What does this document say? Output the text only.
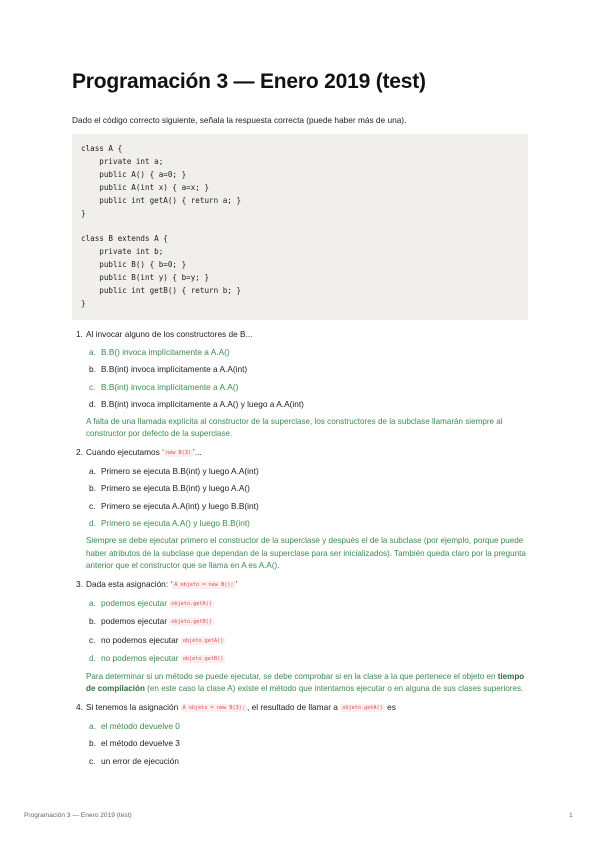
Programación 3 — Enero 2019 (test)
Dado el código correcto siguiente, señala la respuesta correcta (puede haber más de una).
class A {
private int a;
public A() { a=0; }
public A(int x) { a=x; }
public int getA() { return a; }
}

class B extends A {
private int b;
public B() { b=0; }
public B(int y) { b=y; }
public int getB() { return b; }
}
1. Al invocar alguno de los constructores de B...
a. B.B() invoca implícitamente a A.A()
b. B.B(int) invoca implícitamente a A.A(int)
c. B.B(int) invoca implícitamente a A.A()
d. B.B(int) invoca implícitamente a A.A() y luego a A.A(int)
A falta de una llamada explícita al constructor de la superclase, los constructores de la subclase llamarán siempre al constructor por defecto de la superclase.
2. Cuando ejecutamos ‘ new B(3) ’...
a. Primero se ejecuta B.B(int) y luego A.A(int)
b. Primero se ejecuta B.B(int) y luego A.A()
c. Primero se ejecuta A.A(int) y luego B.B(int)
d. Primero se ejecuta A.A() y luego B.B(int)
Siempre se debe ejecutar primero el constructor de la superclase y después el de la subclase (por ejemplo, porque puede haber atributos de la subclase que dependan de la superclase para ser inicializados). También queda claro por la pregunta anterior que el constructor que se llama en A es A.A().
3. Dada esta asignación: ‘ A objeto = new B(); ’
a. podemos ejecutar objeto.getA()
b. podemos ejecutar objeto.getB()
c. no podemos ejecutar objeto.getA()
d. no podemos ejecutar objeto.getB()
Para determinar si un método se puede ejecutar, se debe comprobar si en la clase a la que pertenece el objeto en tiempo de compilación (en este caso la clase A) existe el método que intentamos ejecutar o en alguna de sus clases superiores.
4. Si tenemos la asignación A objeto = new B(3); , el resultado de llamar a objeto.getA() es
a. el método devuelve 0
b. el método devuelve 3
c. un error de ejecución
Programación 3 — Enero 2019 (test)	1
